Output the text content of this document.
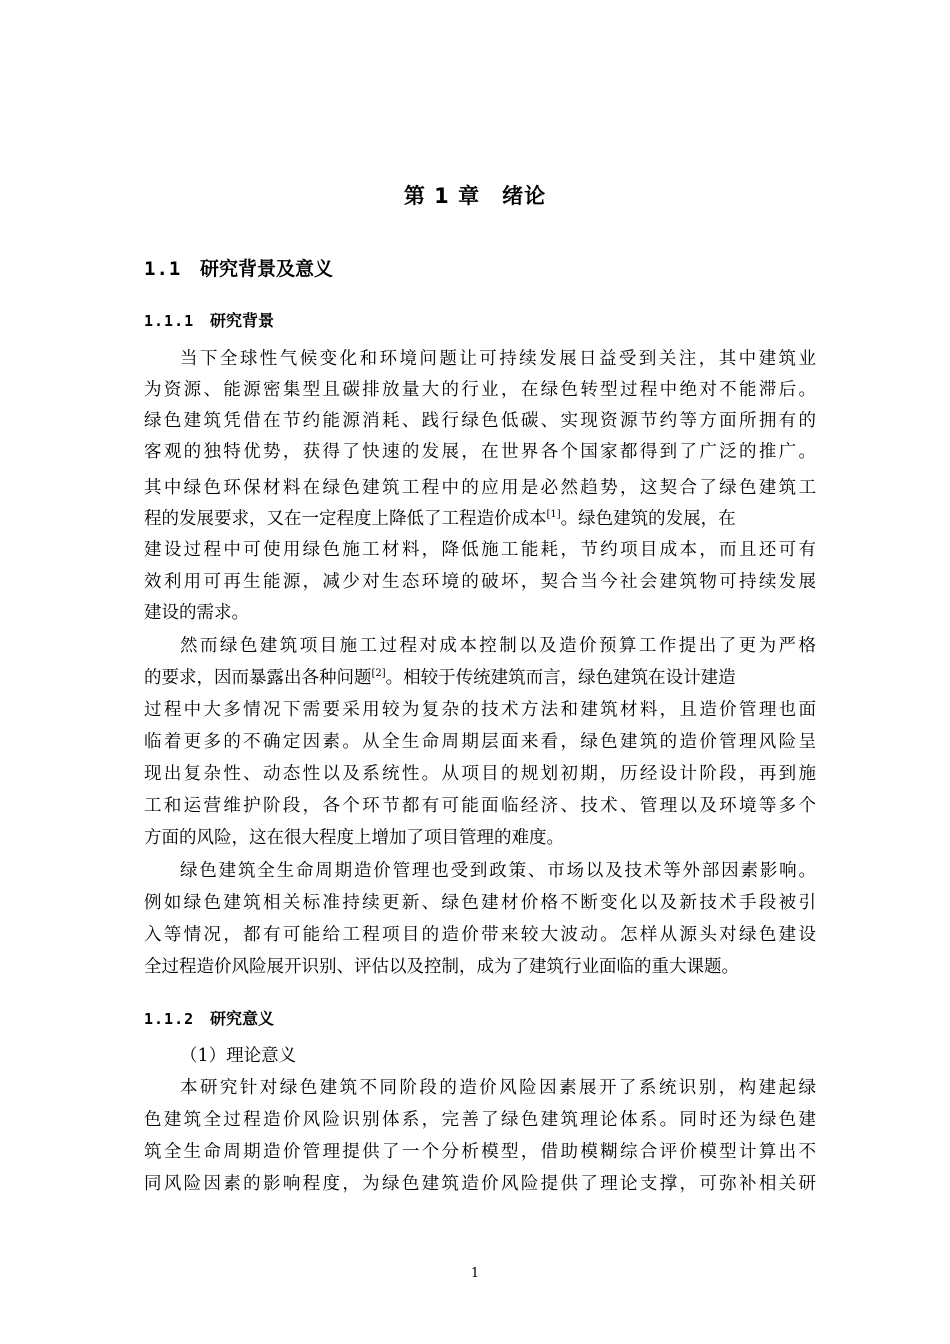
第 1 章　绪论
1.1 研究背景及意义
1.1.1 研究背景
当下全球性气候变化和环境问题让可持续发展日益受到关注，其中建筑业
为资源、能源密集型且碳排放量大的行业，在绿色转型过程中绝对不能滞后。
绿色建筑凭借在节约能源消耗、践行绿色低碳、实现资源节约等方面所拥有的
客观的独特优势，获得了快速的发展，在世界各个国家都得到了广泛的推广。
其中绿色环保材料在绿色建筑工程中的应用是必然趋势，这契合了绿色建筑工
程的发展要求，又在一定程度上降低了工程造价成本[1]。绿色建筑的发展，在
建设过程中可使用绿色施工材料，降低施工能耗，节约项目成本，而且还可有
效利用可再生能源，减少对生态环境的破坏，契合当今社会建筑物可持续发展
建设的需求。
然而绿色建筑项目施工过程对成本控制以及造价预算工作提出了更为严格
的要求，因而暴露出各种问题[2]。相较于传统建筑而言，绿色建筑在设计建造
过程中大多情况下需要采用较为复杂的技术方法和建筑材料，且造价管理也面
临着更多的不确定因素。从全生命周期层面来看，绿色建筑的造价管理风险呈
现出复杂性、动态性以及系统性。从项目的规划初期，历经设计阶段，再到施
工和运营维护阶段，各个环节都有可能面临经济、技术、管理以及环境等多个
方面的风险，这在很大程度上增加了项目管理的难度。
绿色建筑全生命周期造价管理也受到政策、市场以及技术等外部因素影响。
例如绿色建筑相关标准持续更新、绿色建材价格不断变化以及新技术手段被引
入等情况，都有可能给工程项目的造价带来较大波动。怎样从源头对绿色建设
全过程造价风险展开识别、评估以及控制，成为了建筑行业面临的重大课题。
1.1.2 研究意义
（1）理论意义
本研究针对绿色建筑不同阶段的造价风险因素展开了系统识别，构建起绿
色建筑全过程造价风险识别体系，完善了绿色建筑理论体系。同时还为绿色建
筑全生命周期造价管理提供了一个分析模型，借助模糊综合评价模型计算出不
同风险因素的影响程度，为绿色建筑造价风险提供了理论支撑，可弥补相关研
1
